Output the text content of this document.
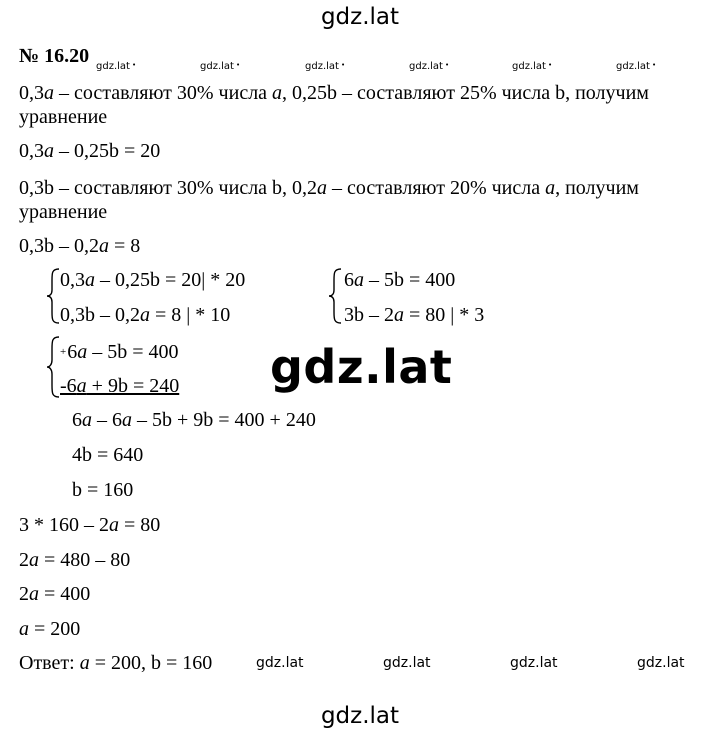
gdz.lat
gdz.lat
gdz.lat
gdz.lat •	gdz.lat •	gdz.lat •	gdz.lat •	gdz.lat •	gdz.lat •
gdz.lat	gdz.lat	gdz.lat	gdz.lat
№ 16.20
0,3a – составляют 30% числа a, 0,25b – составляют 25% числа b, получим
уравнение
0,3a – 0,25b = 20
0,3b – составляют 30% числа b, 0,2a – составляют 20% числа a, получим
уравнение
0,3b – 0,2a = 8
0,3a – 0,25b = 20| * 20
0,3b – 0,2a = 8 | * 10
6a – 5b = 400
3b – 2a = 80 | * 3
+6a – 5b = 400
-6a + 9b = 240
6a – 6a – 5b + 9b = 400 + 240
4b = 640
b = 160
3 * 160 – 2a = 80
2a = 480 – 80
2a = 400
a = 200
Ответ: a = 200, b = 160
